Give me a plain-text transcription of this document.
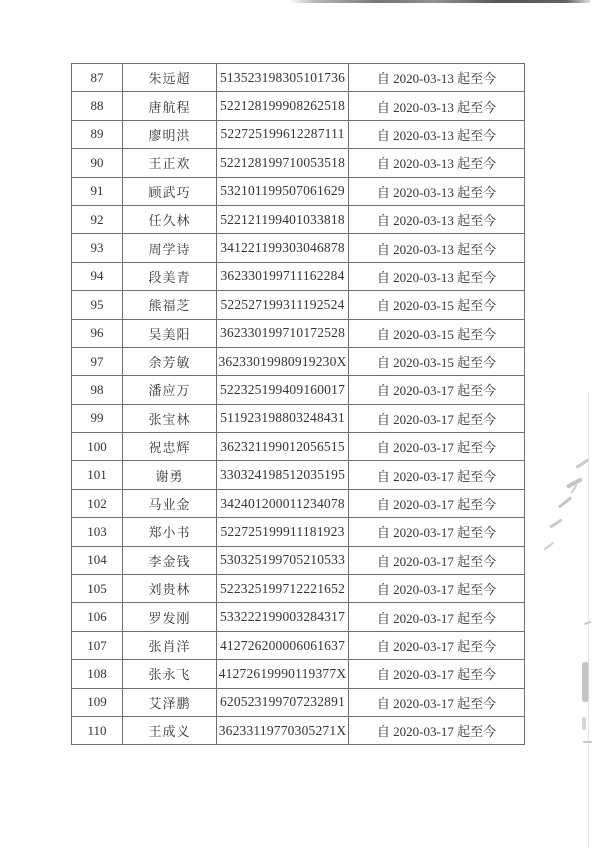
87	朱远超	513523198305101736	自 2020-03-13 起至今
88	唐航程	522128199908262518	自 2020-03-13 起至今
89	廖明洪	522725199612287111	自 2020-03-13 起至今
90	王正欢	522128199710053518	自 2020-03-13 起至今
91	顾武巧	532101199507061629	自 2020-03-13 起至今
92	任久林	522121199401033818	自 2020-03-13 起至今
93	周学诗	341221199303046878	自 2020-03-13 起至今
94	段美青	362330199711162284	自 2020-03-13 起至今
95	熊福芝	522527199311192524	自 2020-03-15 起至今
96	吴美阳	362330199710172528	自 2020-03-15 起至今
97	余芳敏	36233019980919230X	自 2020-03-15 起至今
98	潘应万	522325199409160017	自 2020-03-17 起至今
99	张宝林	511923198803248431	自 2020-03-17 起至今
100	祝忠辉	362321199012056515	自 2020-03-17 起至今
101	谢勇	330324198512035195	自 2020-03-17 起至今
102	马业金	342401200011234078	自 2020-03-17 起至今
103	郑小书	522725199911181923	自 2020-03-17 起至今
104	李金钱	530325199705210533	自 2020-03-17 起至今
105	刘贵林	522325199712221652	自 2020-03-17 起至今
106	罗发刚	533222199003284317	自 2020-03-17 起至今
107	张肖洋	412726200006061637	自 2020-03-17 起至今
108	张永飞	41272619990119377X	自 2020-03-17 起至今
109	艾泽鹏	620523199707232891	自 2020-03-17 起至今
110	王成义	36233119770305271X	自 2020-03-17 起至今
